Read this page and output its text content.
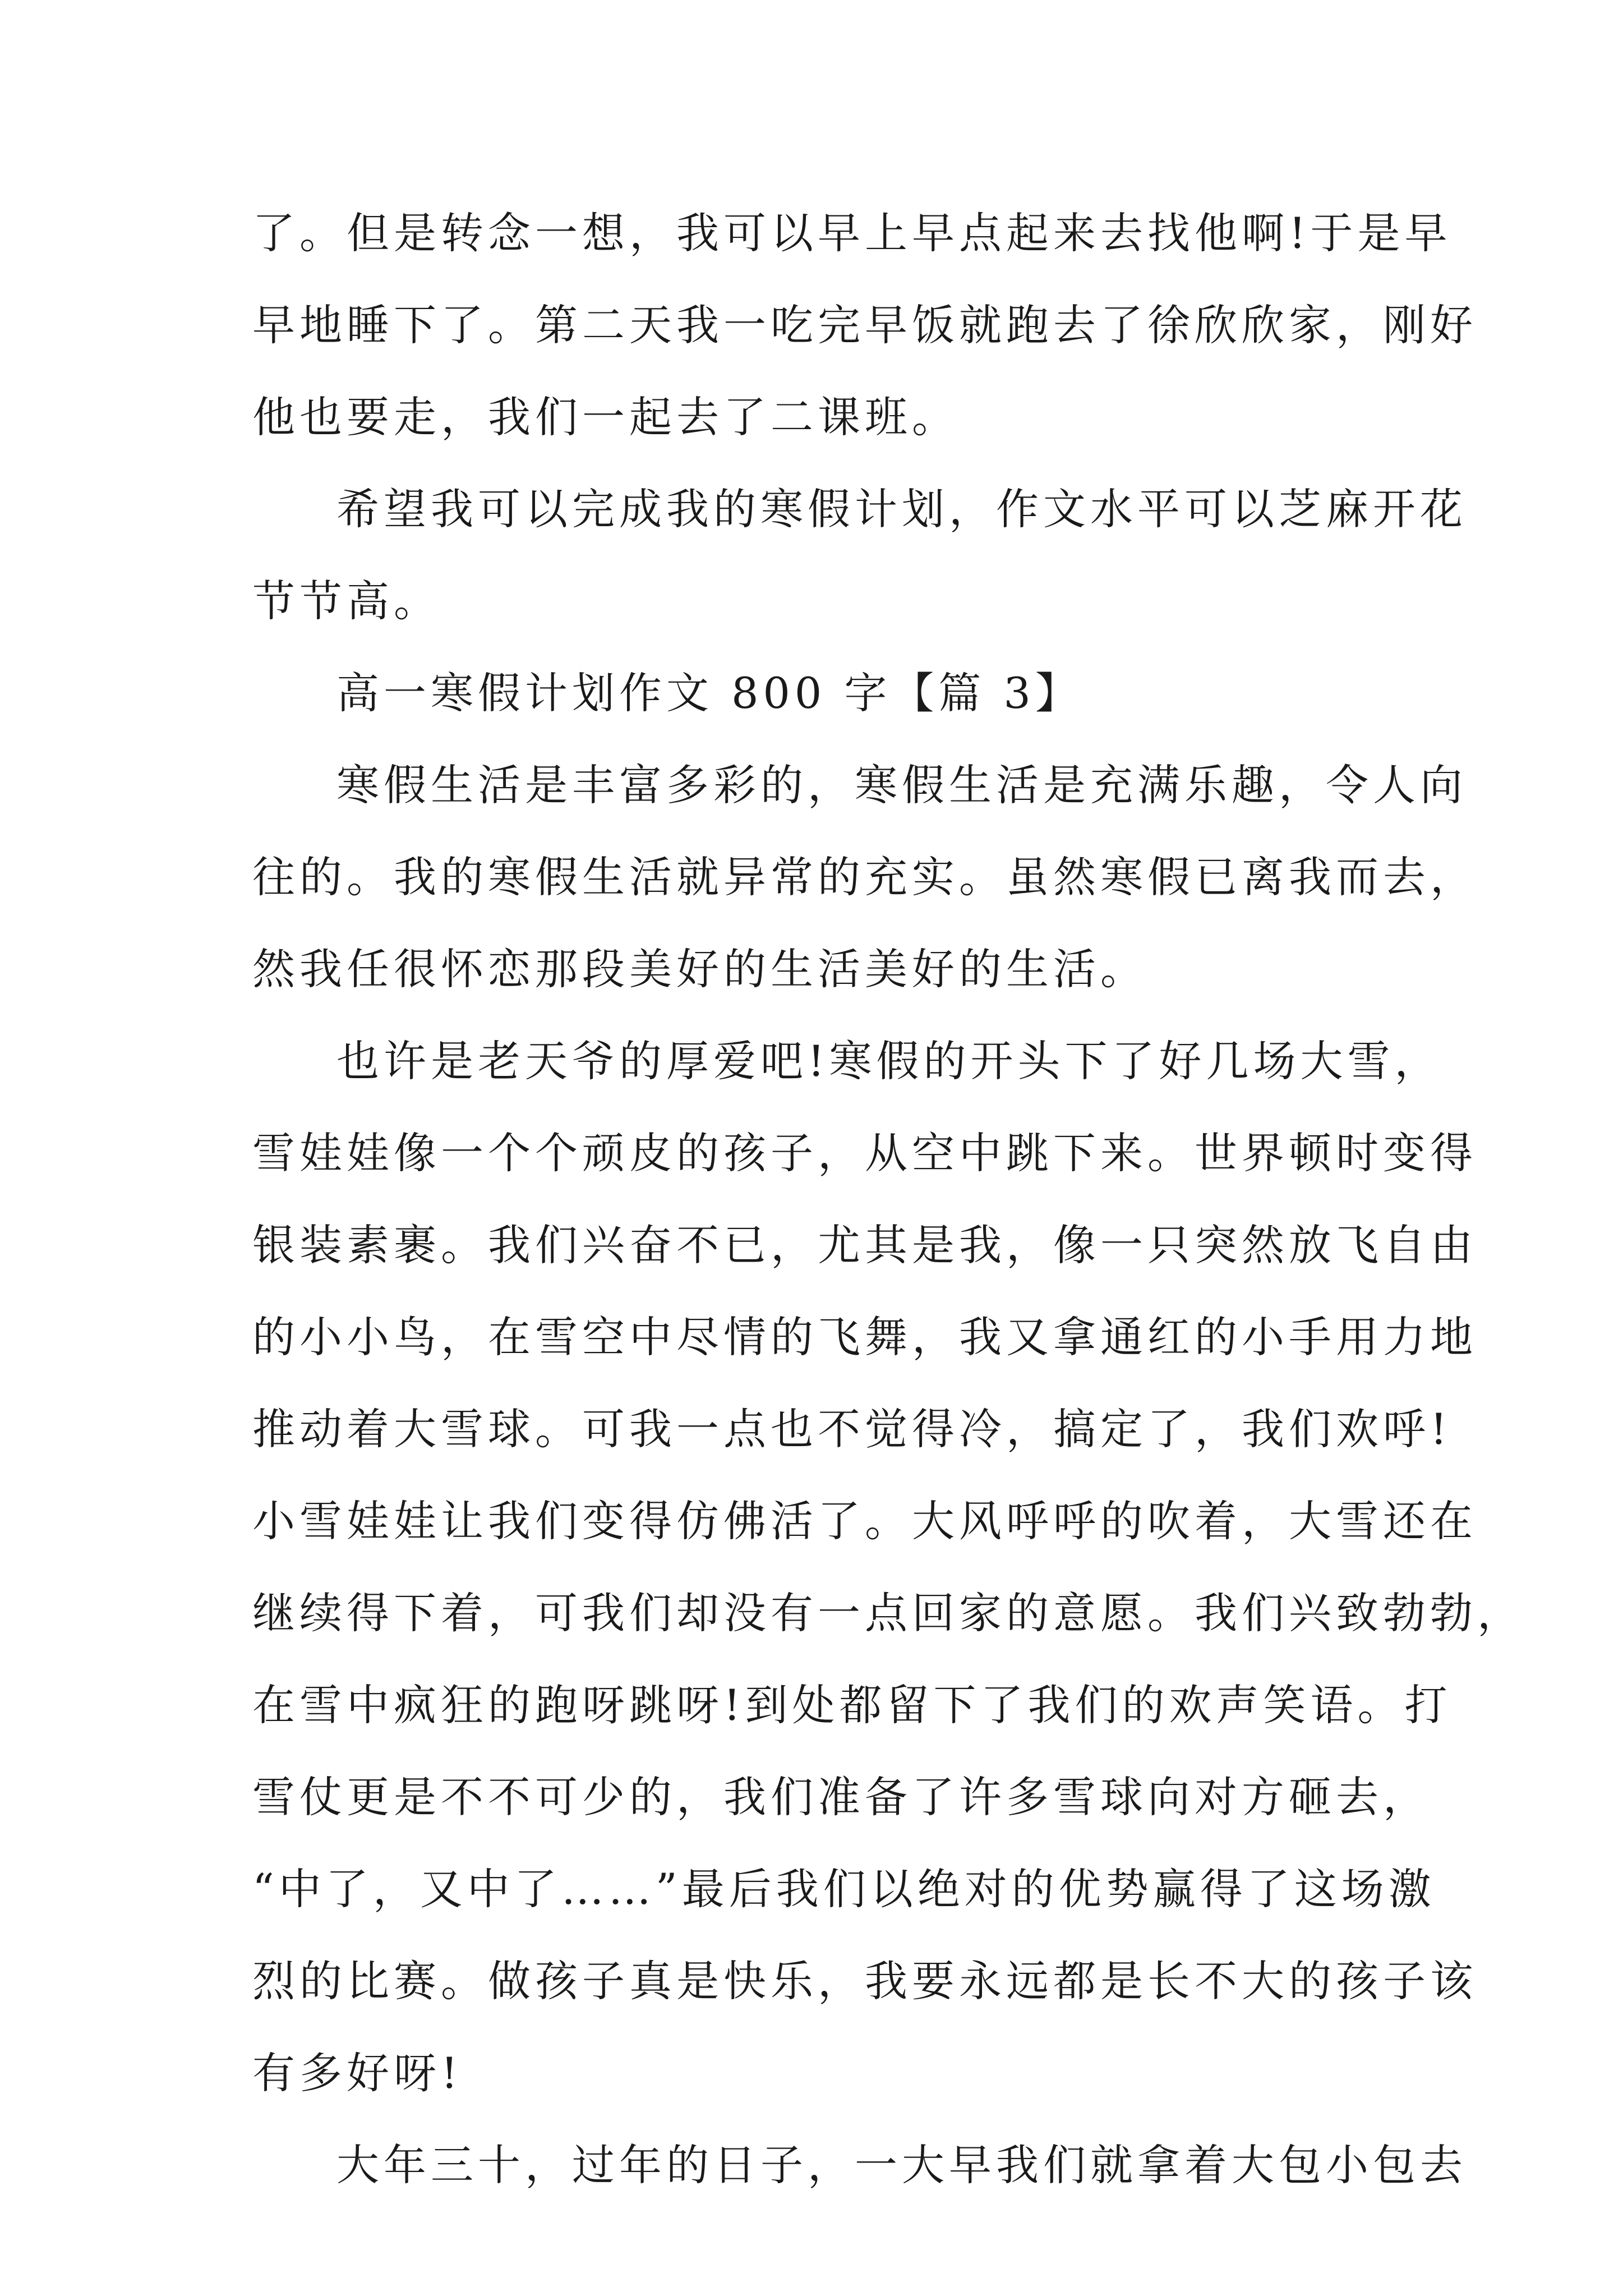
了。但是转念一想，我可以早上早点起来去找他啊!于是早
早地睡下了。第二天我一吃完早饭就跑去了徐欣欣家，刚好
他也要走，我们一起去了二课班。
希望我可以完成我的寒假计划，作文水平可以芝麻开花
节节高。
高一寒假计划作文 800 字【篇 3】
寒假生活是丰富多彩的，寒假生活是充满乐趣，令人向
往的。我的寒假生活就异常的充实。虽然寒假已离我而去，
然我任很怀恋那段美好的生活美好的生活。
也许是老天爷的厚爱吧!寒假的开头下了好几场大雪，
雪娃娃像一个个顽皮的孩子，从空中跳下来。世界顿时变得
银装素裹。我们兴奋不已，尤其是我，像一只突然放飞自由
的小小鸟，在雪空中尽情的飞舞，我又拿通红的小手用力地
推动着大雪球。可我一点也不觉得冷，搞定了，我们欢呼!
小雪娃娃让我们变得仿佛活了。大风呼呼的吹着，大雪还在
继续得下着，可我们却没有一点回家的意愿。我们兴致勃勃，
在雪中疯狂的跑呀跳呀!到处都留下了我们的欢声笑语。打
雪仗更是不不可少的，我们准备了许多雪球向对方砸去，
“中了，又中了……”最后我们以绝对的优势赢得了这场激
烈的比赛。做孩子真是快乐，我要永远都是长不大的孩子该
有多好呀!
大年三十，过年的日子，一大早我们就拿着大包小包去
